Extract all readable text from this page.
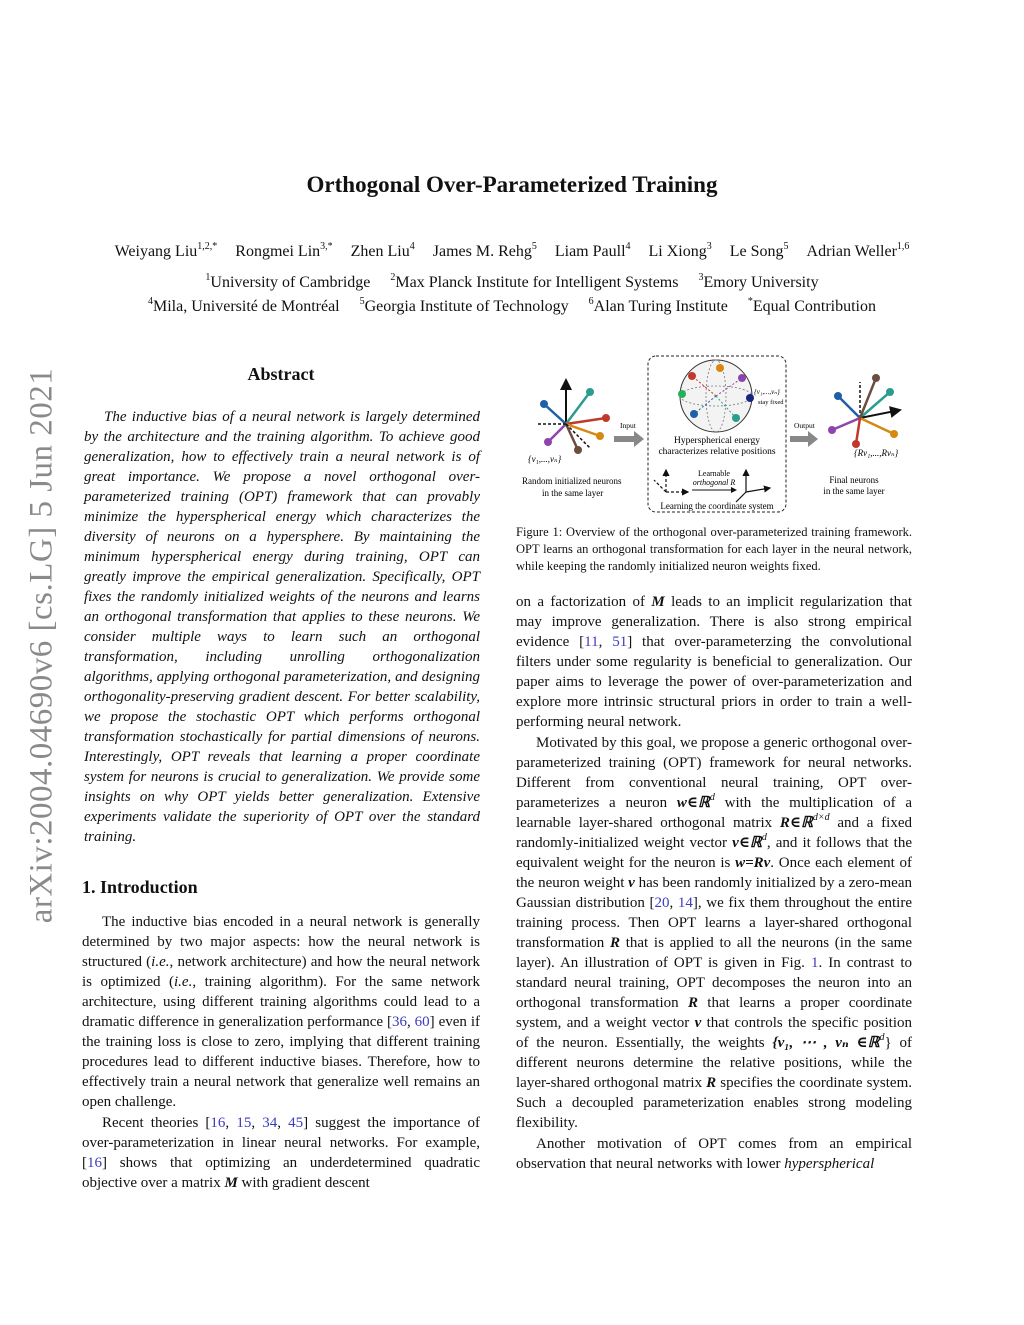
arXiv:2004.04690v6 [cs.LG] 5 Jun 2021
Orthogonal Over-Parameterized Training
Weiyang Liu$^{1,2,*}$ Rongmei Lin$^{3,*}$ Zhen Liu$^4$ James M. Rehg$^5$ Liam Paull$^4$ Li Xiong$^3$ Le Song$^5$ Adrian Weller$^{1,6}$
$^1$University of Cambridge $^2$Max Planck Institute for Intelligent Systems $^3$Emory University
$^4$Mila, Université de Montréal $^5$Georgia Institute of Technology $^6$Alan Turing Institute *Equal Contribution
Abstract

The inductive bias of a neural network is largely determined by the architecture and the training algorithm. To achieve good generalization, how to effectively train a neural network is of great importance. We propose a novel orthogonal over-parameterized training (OPT) framework that can provably minimize the hyperspherical energy which characterizes the diversity of neurons on a hypersphere. By maintaining the minimum hyperspherical energy during training, OPT can greatly improve the empirical generalization. Specifically, OPT fixes the randomly initialized weights of the neurons and learns an orthogonal transformation that applies to these neurons. We consider multiple ways to learn such an orthogonal transformation, including unrolling orthogonalization algorithms, applying orthogonal parameterization, and designing orthogonality-preserving gradient descent. For better scalability, we propose the stochastic OPT which performs orthogonal transformation stochastically for partial dimensions of neurons. Interestingly, OPT reveals that learning a proper coordinate system for neurons is crucial to generalization. We provide some insights on why OPT yields better generalization. Extensive experiments validate the superiority of OPT over the standard training.

1. Introduction

The inductive bias encoded in a neural network is generally determined by two major aspects: how the neural network is structured (i.e., network architecture) and how the neural network is optimized (i.e., training algorithm). For the same network architecture, using different training algorithms could lead to a dramatic difference in generalization performance [36, 60] even if the training loss is close to zero, implying that different training procedures lead to different inductive biases. Therefore, how to effectively train a neural network that generalize well remains an open challenge.

Recent theories [16, 15, 34, 45] suggest the importance of over-parameterization in linear neural networks. For example, [16] shows that optimizing an underdetermined quadratic objective over a matrix M with gradient descent

{v₁,...,vₙ}
Random initialized neurons
in the same layer
Input
{v₁,...,vₙ}
stay fixed
Hyperspherical energy
characterizes relative positions
Learnable
orthogonal R
Learning the coordinate system
Output
{Rv₁,...,Rvₙ}
Final neurons
in the same layer

Figure 1: Overview of the orthogonal over-parameterized training framework. OPT learns an orthogonal transformation for each layer in the neural network, while keeping the randomly initialized neuron weights fixed.

on a factorization of M leads to an implicit regularization that may improve generalization. There is also strong empirical evidence [11, 51] that over-parameterzing the convolutional filters under some regularity is beneficial to generalization. Our paper aims to leverage the power of over-parameterization and explore more intrinsic structural priors in order to train a well-performing neural network.

Motivated by this goal, we propose a generic orthogonal over-parameterized training (OPT) framework for neural networks. Different from conventional neural training, OPT over-parameterizes a neuron w∈ℝ$^d$ with the multiplication of a learnable layer-shared orthogonal matrix R∈ℝ$^{d\times d}$ and a fixed randomly-initialized weight vector v∈ℝ$^d$, and it follows that the equivalent weight for the neuron is w=Rv. Once each element of the neuron weight v has been randomly initialized by a zero-mean Gaussian distribution [20, 14], we fix them throughout the entire training process. Then OPT learns a layer-shared orthogonal transformation R that is applied to all the neurons (in the same layer). An illustration of OPT is given in Fig. 1. In contrast to standard neural training, OPT decomposes the neuron into an orthogonal transformation R that learns a proper coordinate system, and a weight vector v that controls the specific position of the neuron. Essentially, the weights {v₁, ⋯ , vₙ ∈ℝ$^d$} of different neurons determine the relative positions, while the layer-shared orthogonal matrix R specifies the coordinate system. Such a decoupled parameterization enables strong modeling flexibility.

Another motivation of OPT comes from an empirical observation that neural networks with lower hyperspherical
